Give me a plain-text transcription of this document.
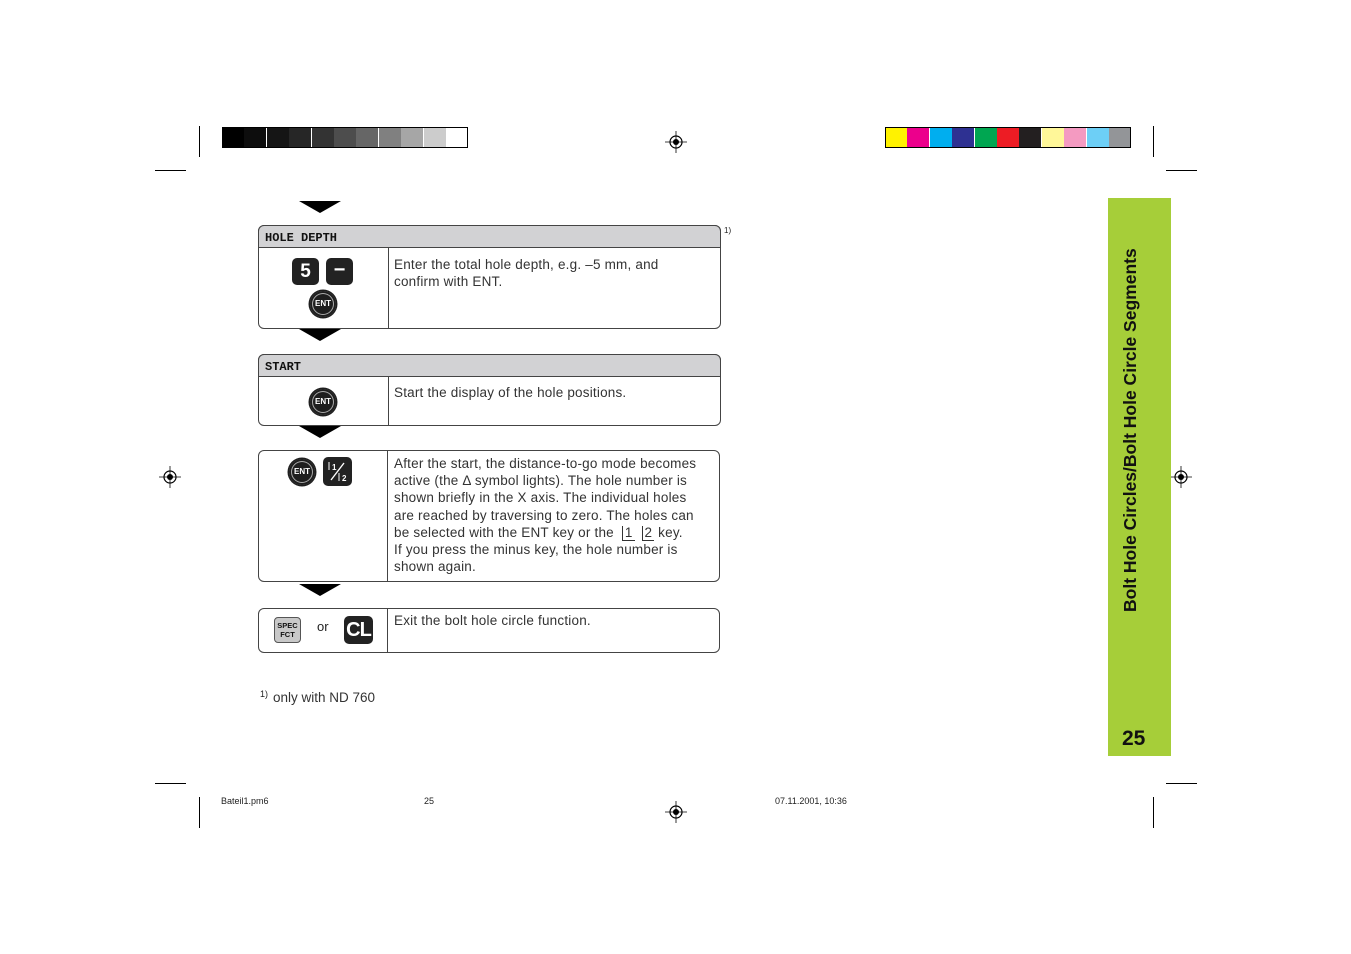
HOLE DEPTH
5	−
ENT
Enter the total hole depth, e.g. –5 mm, and
confirm with ENT.
1)
START
ENT
Start the display of the hole positions.
ENT	1
2
After the start, the distance-to-go mode becomes
active (the Δ symbol lights). The hole number is
shown briefly in the X axis. The individual holes
are reached by traversing to zero. The holes can
be selected with the ENT key or the 1 2 key.
If you press the minus key, the hole number is
shown again.
SPEC
FCT
or CL Exit the bolt hole circle function.
1) only with ND 760
Bolt Hole Circles/Bolt Hole Circle Segments
25
Bateil1.pm6	25	07.11.2001, 10:36
